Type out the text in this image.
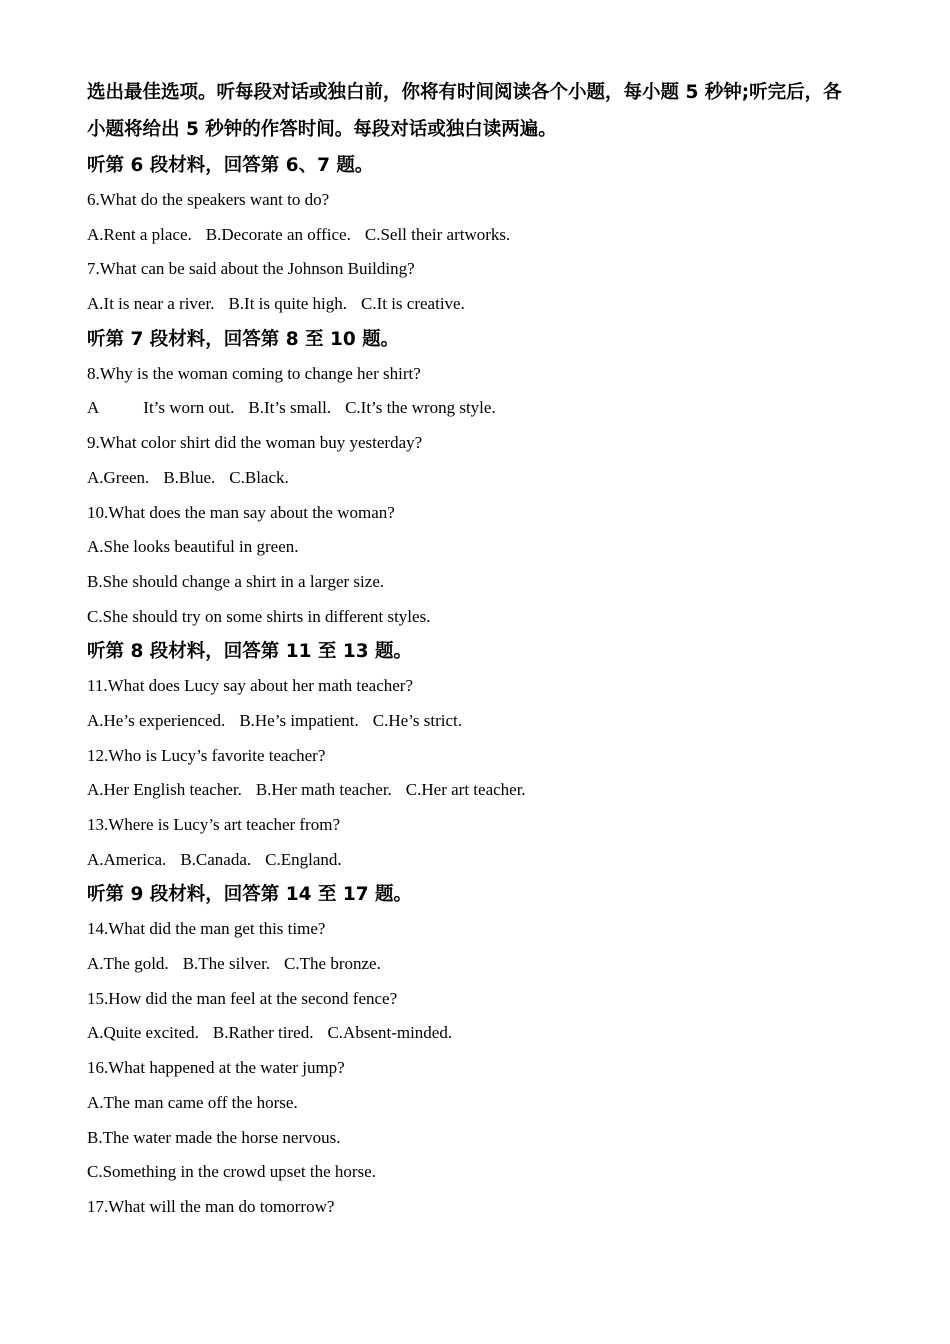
选出最佳选项。听每段对话或独白前，你将有时间阅读各个小题，每小题 5 秒钟;听完后，各
小题将给出 5 秒钟的作答时间。每段对话或独白读两遍。

听第 6 段材料，回答第 6、7 题。

6.What do the speakers want to do?

A.Rent a place. B.Decorate an office. C.Sell their artworks.

7.What can be said about the Johnson Building?

A.It is near a river. B.It is quite high. C.It is creative.

听第 7 段材料，回答第 8 至 10 题。

8.Why is the woman coming to change her shirt?

A	It’s worn out. B.It’s small. C.It’s the wrong style.

9.What color shirt did the woman buy yesterday?

A.Green. B.Blue. C.Black.

10.What does the man say about the woman?

A.She looks beautiful in green.

B.She should change a shirt in a larger size.

C.She should try on some shirts in different styles.

听第 8 段材料，回答第 11 至 13 题。

11.What does Lucy say about her math teacher?

A.He’s experienced. B.He’s impatient. C.He’s strict.

12.Who is Lucy’s favorite teacher?

A.Her English teacher. B.Her math teacher. C.Her art teacher.

13.Where is Lucy’s art teacher from?

A.America. B.Canada. C.England.

听第 9 段材料，回答第 14 至 17 题。

14.What did the man get this time?

A.The gold. B.The silver. C.The bronze.

15.How did the man feel at the second fence?

A.Quite excited. B.Rather tired. C.Absent-minded.

16.What happened at the water jump?

A.The man came off the horse.

B.The water made the horse nervous.

C.Something in the crowd upset the horse.

17.What will the man do tomorrow?
